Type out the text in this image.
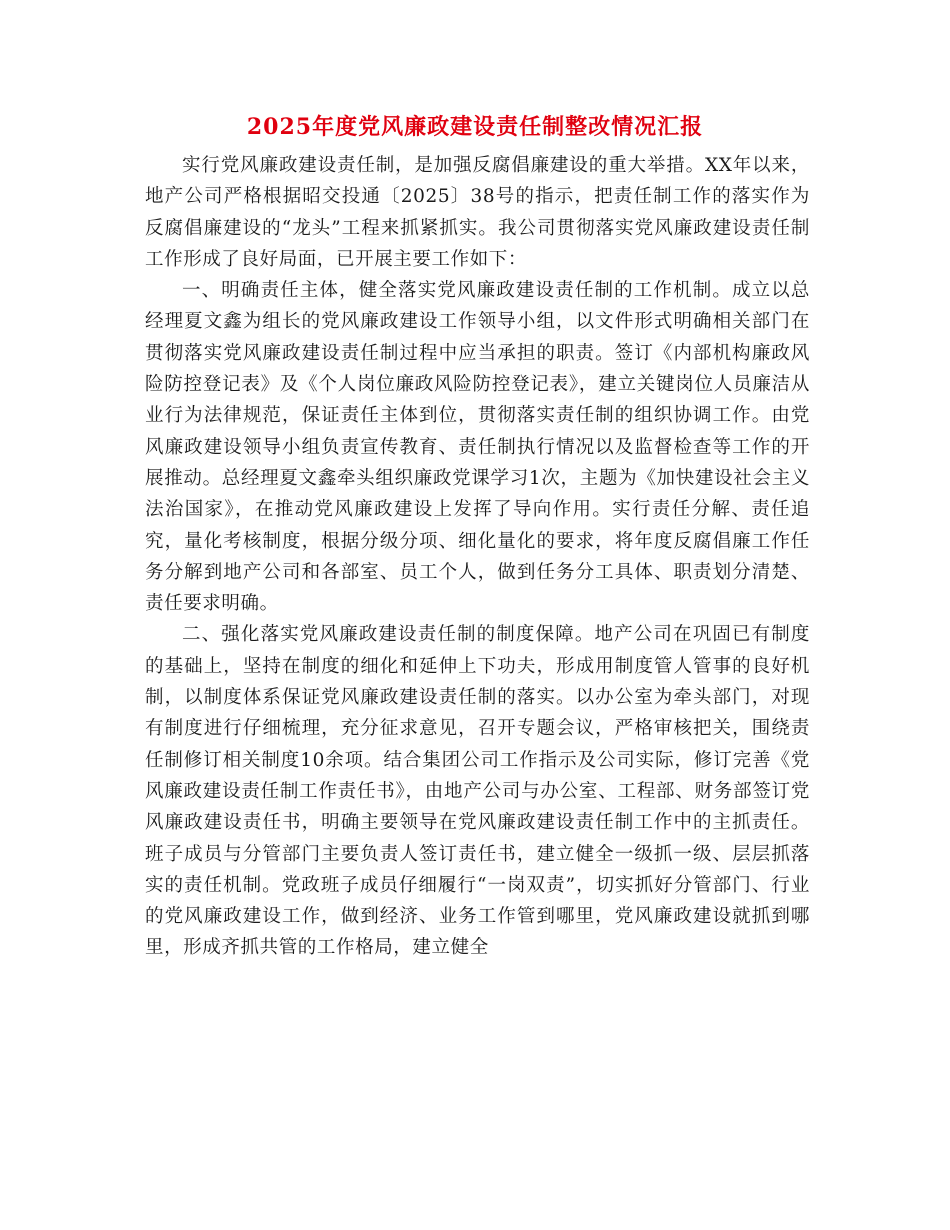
2025年度党风廉政建设责任制整改情况汇报

实行党风廉政建设责任制，是加强反腐倡廉建设的重大举措。XX年以来，地产公司严格根据昭交投通〔2025〕38号的指示，把责任制工作的落实作为反腐倡廉建设的“龙头”工程来抓紧抓实。我公司贯彻落实党风廉政建设责任制工作形成了良好局面，已开展主要工作如下：

一、明确责任主体，健全落实党风廉政建设责任制的工作机制。成立以总经理夏文鑫为组长的党风廉政建设工作领导小组，以文件形式明确相关部门在贯彻落实党风廉政建设责任制过程中应当承担的职责。签订《内部机构廉政风险防控登记表》及《个人岗位廉政风险防控登记表》，建立关键岗位人员廉洁从业行为法律规范，保证责任主体到位，贯彻落实责任制的组织协调工作。由党风廉政建设领导小组负责宣传教育、责任制执行情况以及监督检查等工作的开展推动。总经理夏文鑫牵头组织廉政党课学习1次，主题为《加快建设社会主义法治国家》，在推动党风廉政建设上发挥了导向作用。实行责任分解、责任追究，量化考核制度，根据分级分项、细化量化的要求，将年度反腐倡廉工作任务分解到地产公司和各部室、员工个人，做到任务分工具体、职责划分清楚、责任要求明确。

二、强化落实党风廉政建设责任制的制度保障。地产公司在巩固已有制度的基础上，坚持在制度的细化和延伸上下功夫，形成用制度管人管事的良好机制，以制度体系保证党风廉政建设责任制的落实。以办公室为牵头部门，对现有制度进行仔细梳理，充分征求意见，召开专题会议，严格审核把关，围绕责任制修订相关制度10余项。结合集团公司工作指示及公司实际，修订完善《党风廉政建设责任制工作责任书》，由地产公司与办公室、工程部、财务部签订党风廉政建设责任书，明确主要领导在党风廉政建设责任制工作中的主抓责任。班子成员与分管部门主要负责人签订责任书，建立健全一级抓一级、层层抓落实的责任机制。党政班子成员仔细履行“一岗双责”，切实抓好分管部门、行业的党风廉政建设工作，做到经济、业务工作管到哪里，党风廉政建设就抓到哪里，形成齐抓共管的工作格局，建立健全
